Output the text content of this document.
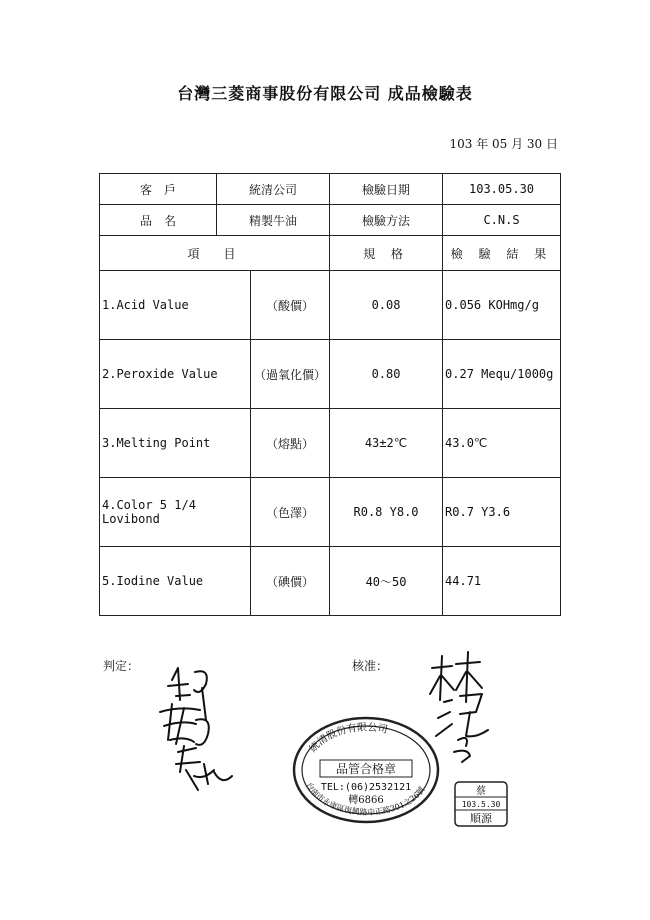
台灣三菱商事股份有限公司 成品檢驗表
103 年 05 月 30 日
客　戶	統清公司		檢驗日期	103.05.30
品　名	精製牛油		檢驗方法	C.N.S
項　目			規 格	檢 驗 結 果
1.Acid Value		（酸價）	0.08	0.056 KOHmg/g
2.Peroxide Value		（過氧化價）	0.80	0.27 Mequ/1000g
3.Melting Point		（熔點）	43±2℃	43.0℃
4.Color 5 1/4 Lovibond		（色澤）	R0.8 Y8.0	R0.7 Y3.6
5.Iodine Value		（碘價）	40～50	44.71
判定：	核准：
統清股份有限公司
台南市永康區復興路中正路301之26號
品管合格章
TEL:(06)2532121
轉6866
蔡
103.5.30
順源
